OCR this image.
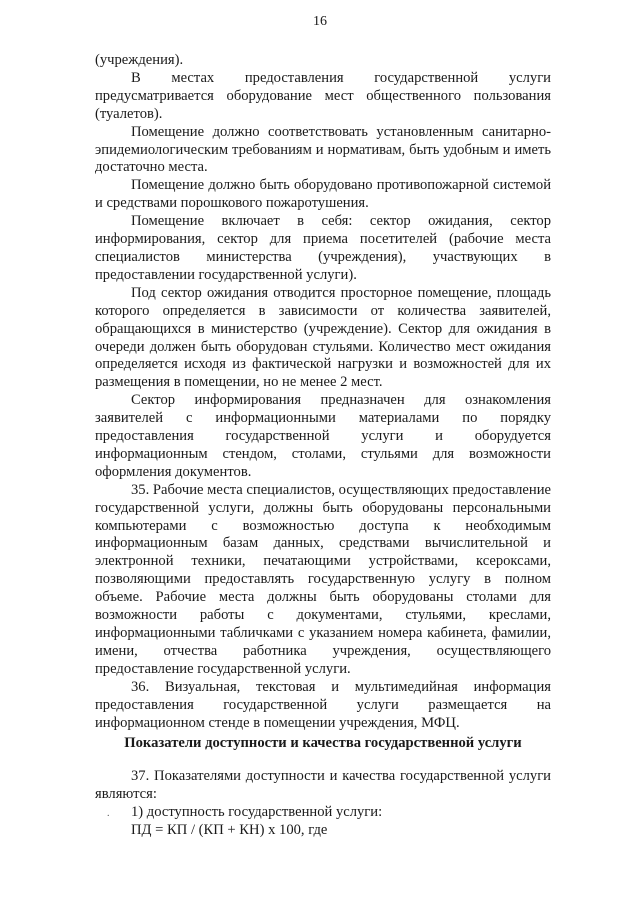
16

(учреждения).

В местах предоставления государственной услуги предусматривается оборудование мест общественного пользования (туалетов).

Помещение должно соответствовать установленным санитарно-эпидемиологическим требованиям и нормативам, быть удобным и иметь достаточно места.

Помещение должно быть оборудовано противопожарной системой и средствами порошкового пожаротушения.

Помещение включает в себя: сектор ожидания, сектор информирования, сектор для приема посетителей (рабочие места специалистов министерства (учреждения), участвующих в предоставлении государственной услуги).

Под сектор ожидания отводится просторное помещение, площадь которого определяется в зависимости от количества заявителей, обращающихся в министерство (учреждение). Сектор для ожидания в очереди должен быть оборудован стульями. Количество мест ожидания определяется исходя из фактической нагрузки и возможностей для их размещения в помещении, но не менее 2 мест.

Сектор информирования предназначен для ознакомления заявителей с информационными материалами по порядку предоставления государственной услуги и оборудуется информационным стендом, столами, стульями для возможности оформления документов.

35. Рабочие места специалистов, осуществляющих предоставление государственной услуги, должны быть оборудованы персональными компьютерами с возможностью доступа к необходимым информационным базам данных, средствами вычислительной и электронной техники, печатающими устройствами, ксероксами, позволяющими предоставлять государственную услугу в полном объеме. Рабочие места должны быть оборудованы столами для возможности работы с документами, стульями, креслами, информационными табличками с указанием номера кабинета, фамилии, имени, отчества работника учреждения, осуществляющего предоставление государственной услуги.

36. Визуальная, текстовая и мультимедийная информация предоставления государственной услуги размещается на информационном стенде в помещении учреждения, МФЦ.

Показатели доступности и качества государственной услуги

37. Показателями доступности и качества государственной услуги являются:

1) доступность государственной услуги:

ПД = КП / (КП + КН) х 100, где

.
